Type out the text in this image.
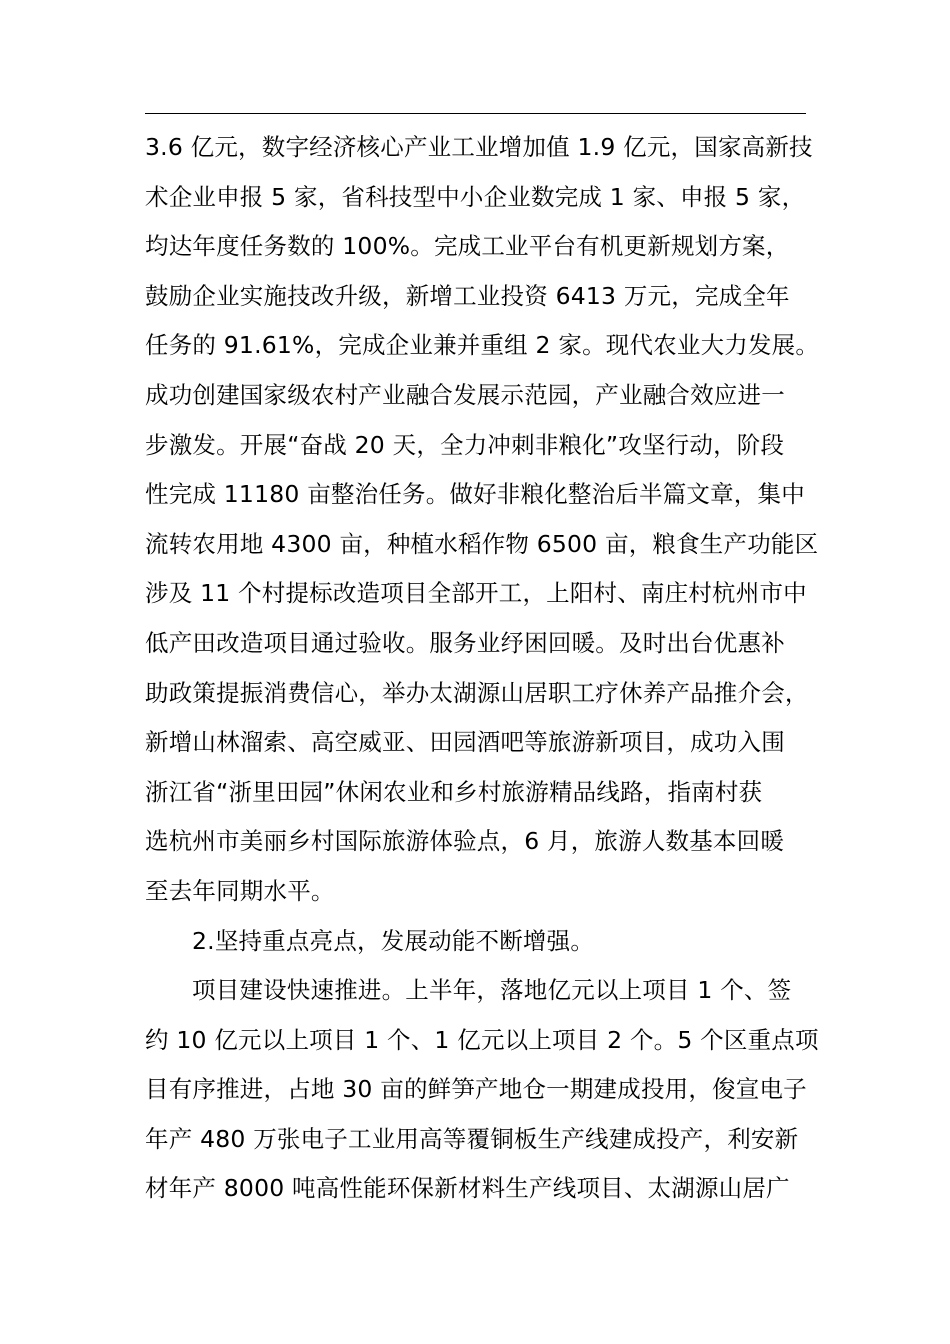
3.6 亿元，数字经济核心产业工业增加值 1.9 亿元，国家高新技
术企业申报 5 家，省科技型中小企业数完成 1 家、申报 5 家，
均达年度任务数的 100%。完成工业平台有机更新规划方案，
鼓励企业实施技改升级，新增工业投资 6413 万元，完成全年
任务的 91.61%，完成企业兼并重组 2 家。现代农业大力发展。
成功创建国家级农村产业融合发展示范园，产业融合效应进一
步激发。开展“奋战 20 天，全力冲刺非粮化”攻坚行动，阶段
性完成 11180 亩整治任务。做好非粮化整治后半篇文章，集中
流转农用地 4300 亩，种植水稻作物 6500 亩，粮食生产功能区
涉及 11 个村提标改造项目全部开工，上阳村、南庄村杭州市中
低产田改造项目通过验收。服务业纾困回暖。及时出台优惠补
助政策提振消费信心，举办太湖源山居职工疗休养产品推介会，
新增山林溜索、高空威亚、田园酒吧等旅游新项目，成功入围
浙江省“浙里田园”休闲农业和乡村旅游精品线路，指南村获
选杭州市美丽乡村国际旅游体验点，6 月，旅游人数基本回暖
至去年同期水平。
2.坚持重点亮点，发展动能不断增强。
项目建设快速推进。上半年，落地亿元以上项目 1 个、签
约 10 亿元以上项目 1 个、1 亿元以上项目 2 个。5 个区重点项
目有序推进，占地 30 亩的鲜笋产地仓一期建成投用，俊宣电子
年产 480 万张电子工业用高等覆铜板生产线建成投产，利安新
材年产 8000 吨高性能环保新材料生产线项目、太湖源山居广
